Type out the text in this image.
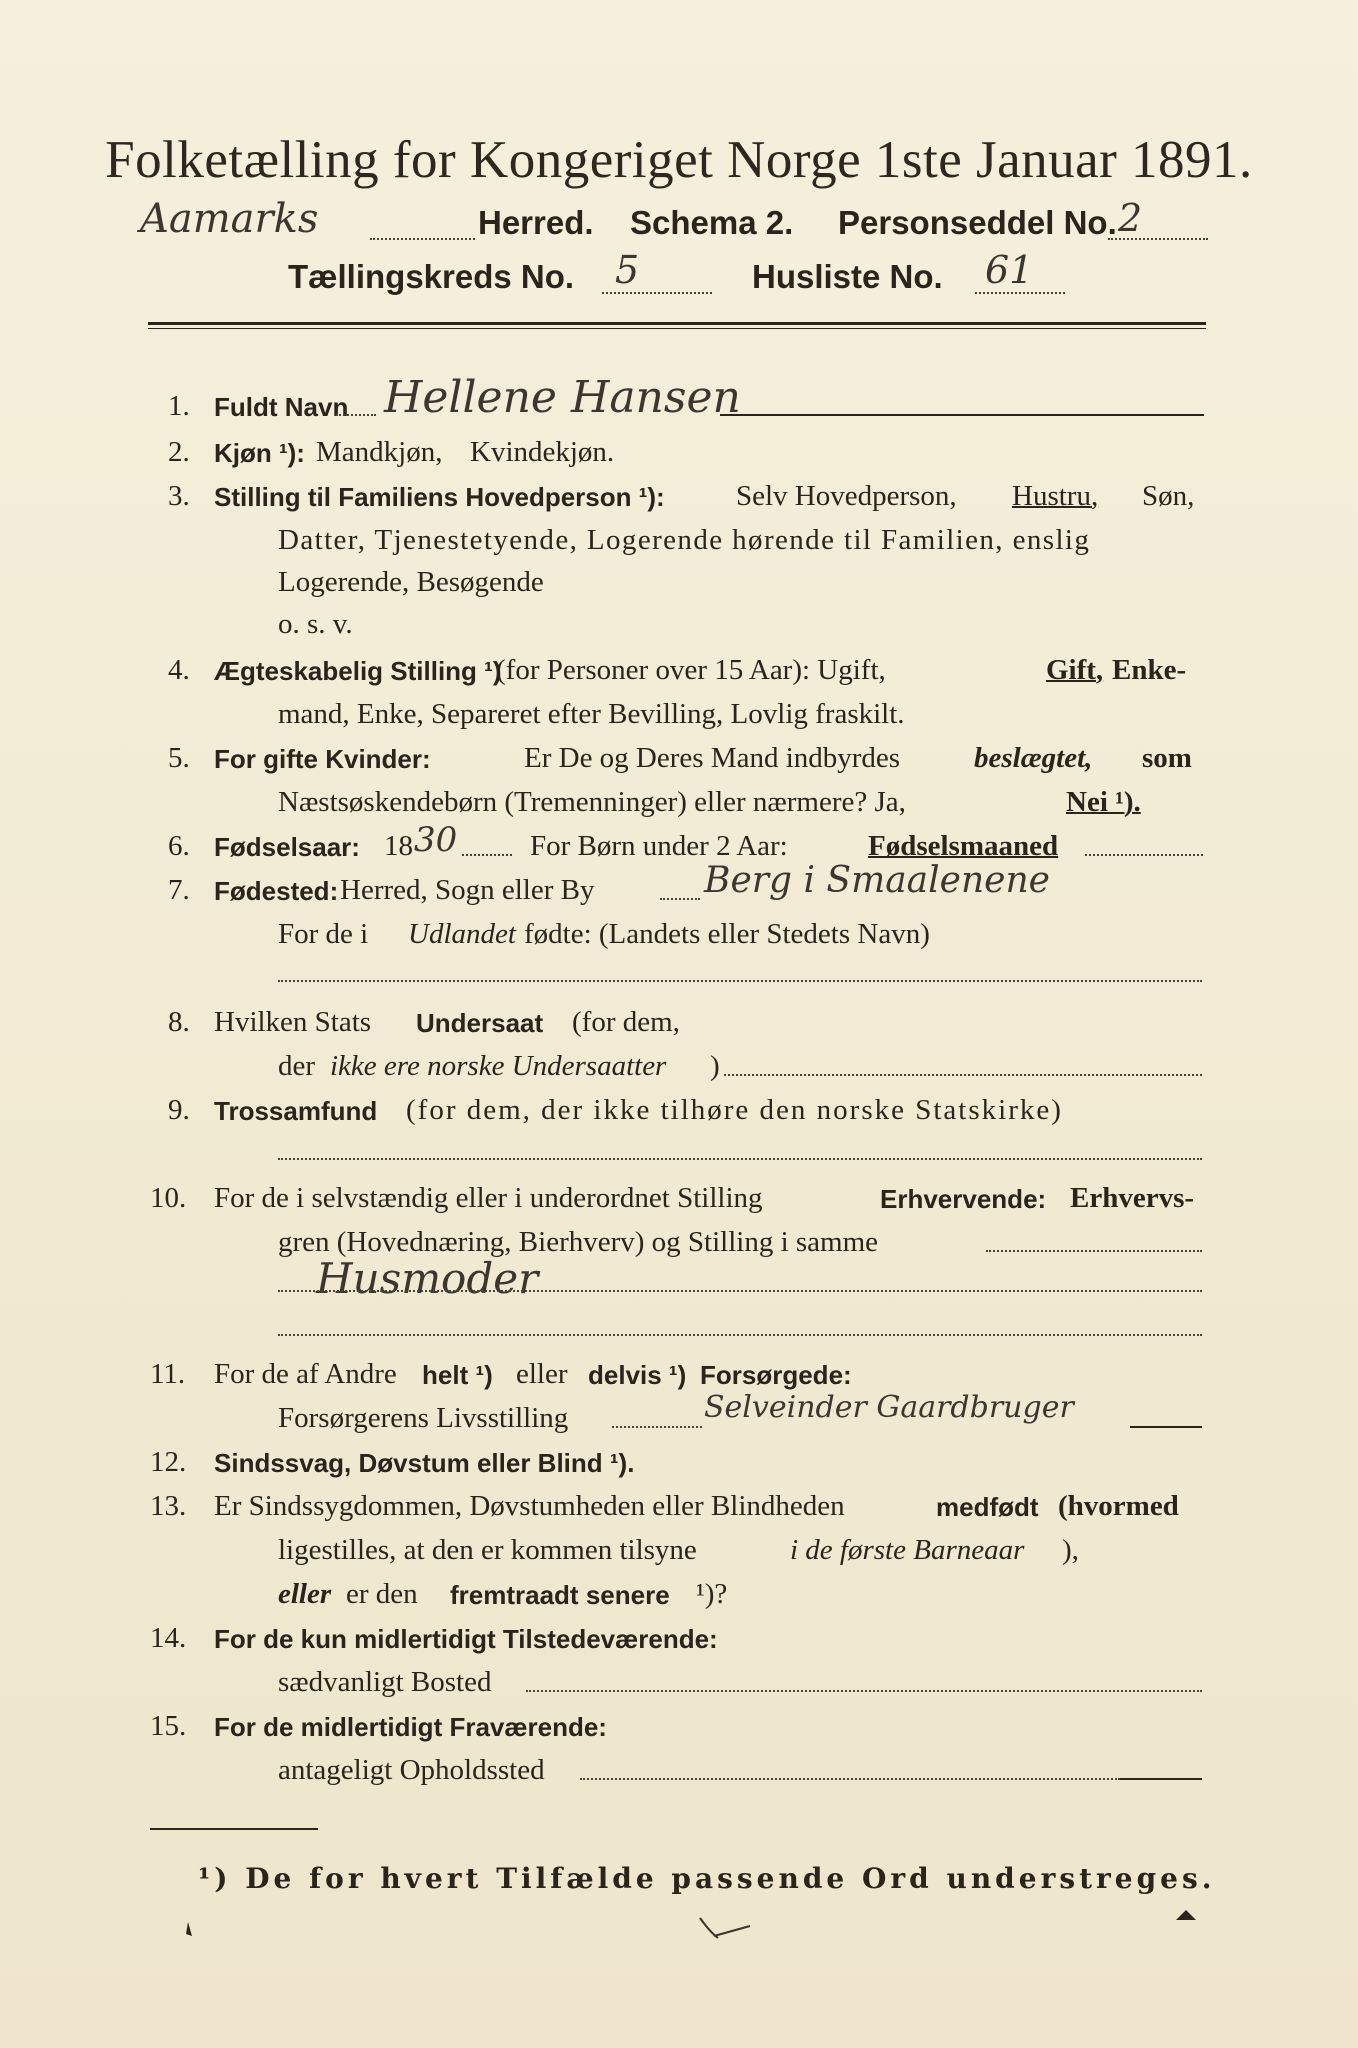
Folketælling for Kongeriget Norge 1ste Januar 1891.
Aamarks	Herred. Schema 2. Personseddel No. 2
Tællingskreds No. 5	Husliste No. 61
1. Fuldt Navn Hellene Hansen
2. Kjøn ¹): Mandkjøn, Kvindekjøn.
3. Stilling til Familiens Hovedperson ¹): Selv Hovedperson, Hustru, Søn,
Datter, Tjenestetyende, Logerende hørende til Familien, enslig
Logerende, Besøgende
o. s. v.
4. Ægteskabelig Stilling ¹)
(for Personer over 15 Aar): Ugift,	Gift, Enke-
mand, Enke, Separeret efter Bevilling, Lovlig fraskilt.
5. For gifte Kvinder:	Er De og Deres Mand indbyrdes	beslægtet, som
Næstsøskendebørn (Tremenninger) eller nærmere? Ja,	Nei ¹).
6. Fødselsaar: 18 30	For Børn under 2 Aar:	Fødselsmaaned
7. Fødested: Herred, Sogn eller By	Berg i Smaalenene
For de i Udlandet fødte: (Landets eller Stedets Navn)
8. Hvilken Stats Undersaat (for dem,
der ikke ere norske Undersaatter )
9. Trossamfund (for dem, der ikke tilhøre den norske Statskirke)
10. For de i selvstændig eller i underordnet Stilling	Erhvervende: Erhvervs-
gren (Hovednæring, Bierhverv) og Stilling i samme
Husmoder
11. For de af Andre helt ¹) eller delvis ¹) Forsørgede:
Forsørgerens Livsstilling	Selveinder Gaardbruger
12. Sindssvag, Døvstum eller Blind ¹).
13. Er Sindssygdommen, Døvstumheden eller Blindheden	medfødt (hvormed
ligestilles, at den er kommen tilsyne	i de første Barneaar ),
eller er den fremtraadt senere ¹)?
14. For de kun midlertidigt Tilstedeværende:
sædvanligt Bosted
15. For de midlertidigt Fraværende:
antageligt Opholdssted
¹) De for hvert Tilfælde passende Ord understreges.
